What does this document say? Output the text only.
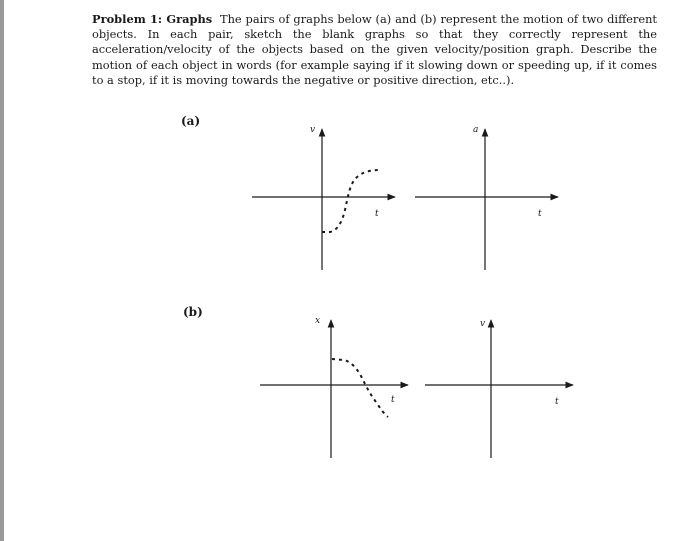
Problem 1: Graphs The pairs of graphs below (a) and (b) represent the motion of two different objects. In each pair, sketch the blank graphs so that they correctly represent the acceleration/velocity of the objects based on the given velocity/position graph. Describe the motion of each object in words (for example saying if it slowing down or speeding up, if it comes to a stop, if it is moving towards the negative or positive direction, etc..).
(a)
(b)
v
t
a
t
x
t
v
t
